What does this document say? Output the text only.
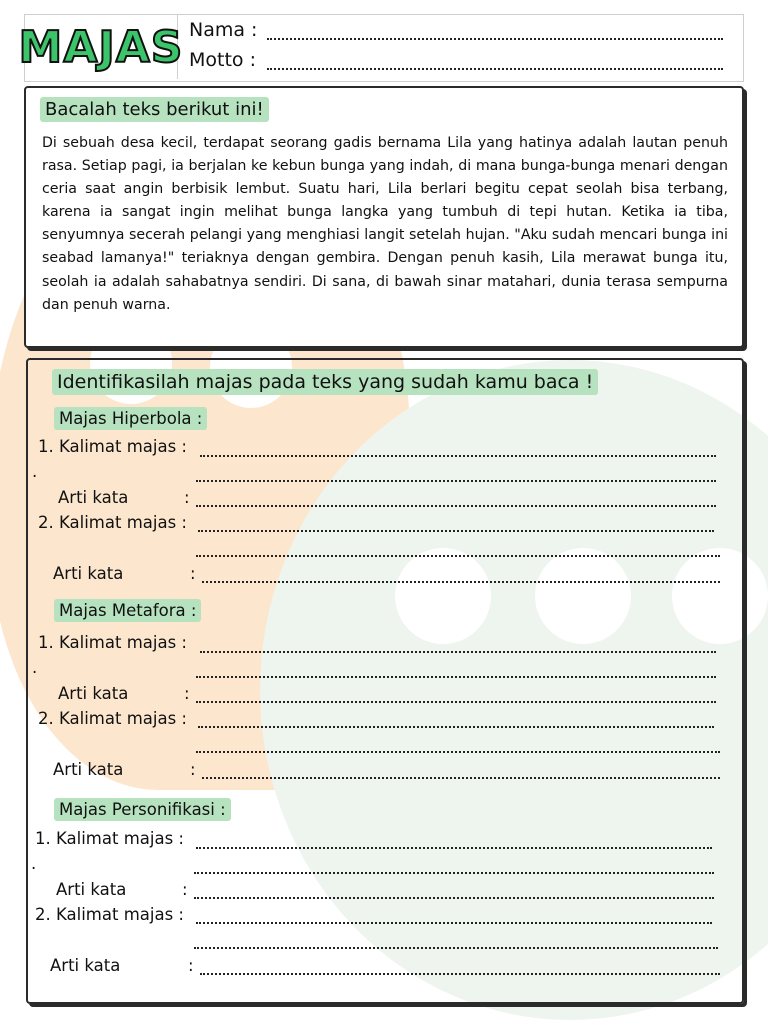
MAJAS Nama :
Motto :
Bacalah teks berikut ini!
Di sebuah desa kecil, terdapat seorang gadis bernama Lila yang hatinya adalah lautan penuh rasa. Setiap pagi, ia berjalan ke kebun bunga yang indah, di mana bunga-bunga menari dengan ceria saat angin berbisik lembut. Suatu hari, Lila berlari begitu cepat seolah bisa terbang, karena ia sangat ingin melihat bunga langka yang tumbuh di tepi hutan. Ketika ia tiba, senyumnya secerah pelangi yang menghiasi langit setelah hujan. "Aku sudah mencari bunga ini seabad lamanya!" teriaknya dengan gembira. Dengan penuh kasih, Lila merawat bunga itu, seolah ia adalah sahabatnya sendiri. Di sana, di bawah sinar matahari, dunia terasa sempurna dan penuh warna.
Identifikasilah majas pada teks yang sudah kamu baca !
Majas Hiperbola :
1. Kalimat majas :
.
Arti kata	:
2. Kalimat majas :
Arti kata	:
Majas Metafora :
1. Kalimat majas :
.
Arti kata	:
2. Kalimat majas :
Arti kata	:
Majas Personifikasi :
1. Kalimat majas :
.
Arti kata	:
2. Kalimat majas :
Arti kata	:
